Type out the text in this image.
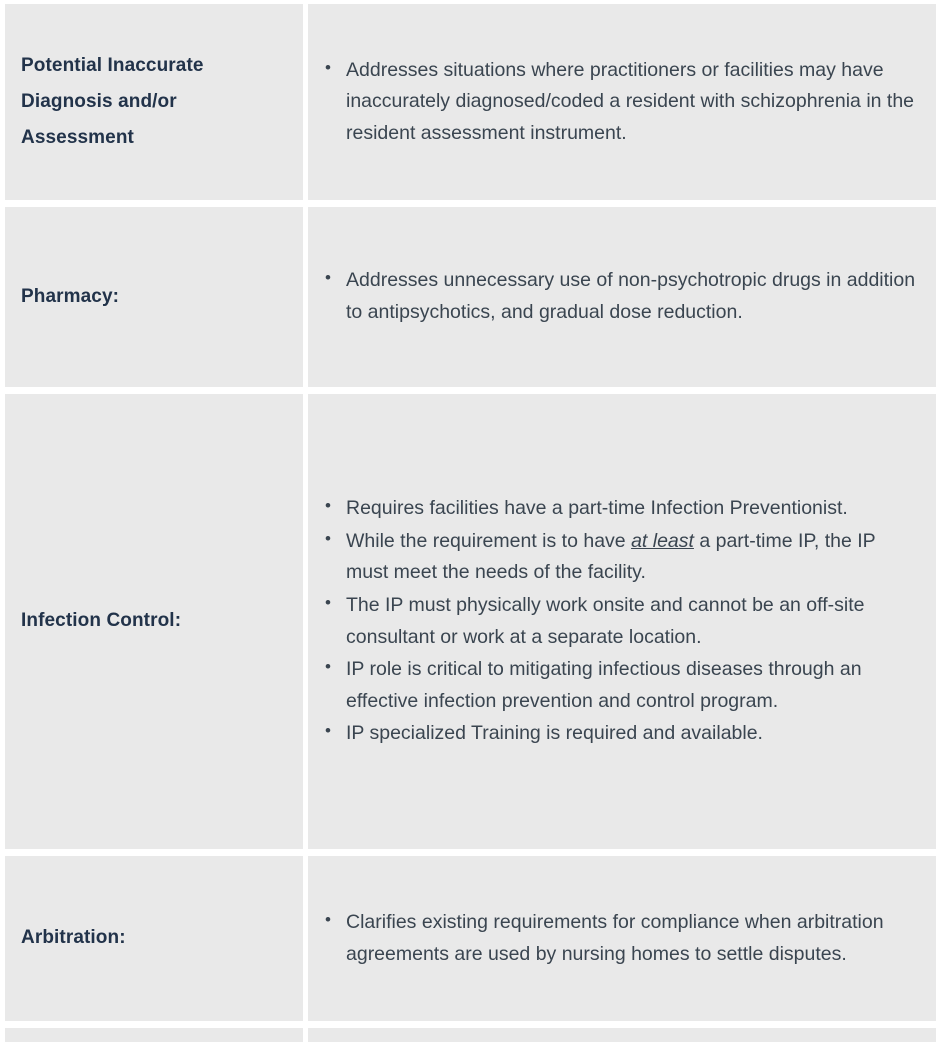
Potential Inaccurate Diagnosis and/or Assessment
• Addresses situations where practitioners or facilities may have inaccurately diagnosed/coded a resident with schizophrenia in the resident assessment instrument.
Pharmacy:
• Addresses unnecessary use of non-psychotropic drugs in addition to antipsychotics, and gradual dose reduction.
Infection Control:
• Requires facilities have a part-time Infection Preventionist.
• While the requirement is to have at least a part-time IP, the IP must meet the needs of the facility.
• The IP must physically work onsite and cannot be an off-site consultant or work at a separate location.
• IP role is critical to mitigating infectious diseases through an effective infection prevention and control program.
• IP specialized Training is required and available.
Arbitration:
• Clarifies existing requirements for compliance when arbitration agreements are used by nursing homes to settle disputes.
